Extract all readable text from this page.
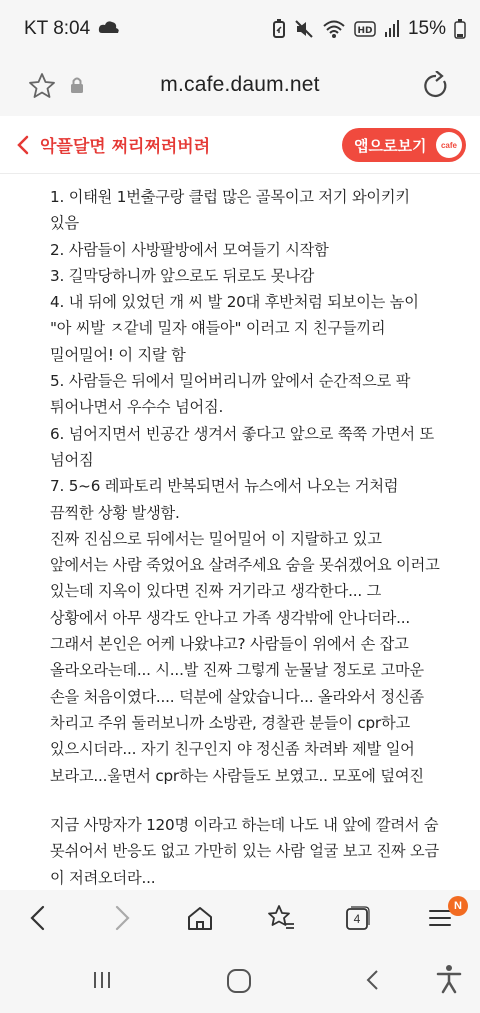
KT 8:04	HD 15%
m.cafe.daum.net
악플달면 쩌리쩌려버려	앱으로보기	cafe

1. 이태원 1번출구랑 클럽 많은 골목이고 저기 와이키키 있음

2. 사람들이 사방팔방에서 모여들기 시작함

3. 길막당하니까 앞으로도 뒤로도 못나감

4. 내 뒤에 있었던 개 씨 발 20대 후반처럼 되보이는 놈이 "아 씨발 ㅈ같네 밀자 얘들아" 이러고 지 친구들끼리 밀어밀어! 이 지랄 함

5. 사람들은 뒤에서 밀어버리니까 앞에서 순간적으로 팍 튀어나면서 우수수 넘어짐.

6. 넘어지면서 빈공간 생겨서 좋다고 앞으로 쭉쭉 가면서 또 넘어짐

7. 5~6 레파토리 반복되면서 뉴스에서 나오는 거처럼 끔찍한 상황 발생함.

진짜 진심으로 뒤에서는 밀어밀어 이 지랄하고 있고 앞에서는 사람 죽었어요 살려주세요 숨을 못쉬겠어요 이러고 있는데 지옥이 있다면 진짜 거기라고 생각한다... 그 상황에서 아무 생각도 안나고 가족 생각밖에 안나더라... 그래서 본인은 어케 나왔냐고? 사람들이 위에서 손 잡고 올라오라는데... 시...발 진짜 그렇게 눈물날 정도로 고마운 손을 처음이였다.... 덕분에 살았습니다... 올라와서 정신좀 차리고 주위 둘러보니까 소방관, 경찰관 분들이 cpr하고 있으시더라... 자기 친구인지 야 정신좀 차려봐 제발 일어 보라고...울면서 cpr하는 사람들도 보였고.. 모포에 덮여진

지금 사망자가 120명 이라고 하는데 나도 내 앞에 깔려서 숨 못쉬어서 반응도 없고 가만히 있는 사람 얼굴 보고 진짜 오금이 저려오더라...

4
N
